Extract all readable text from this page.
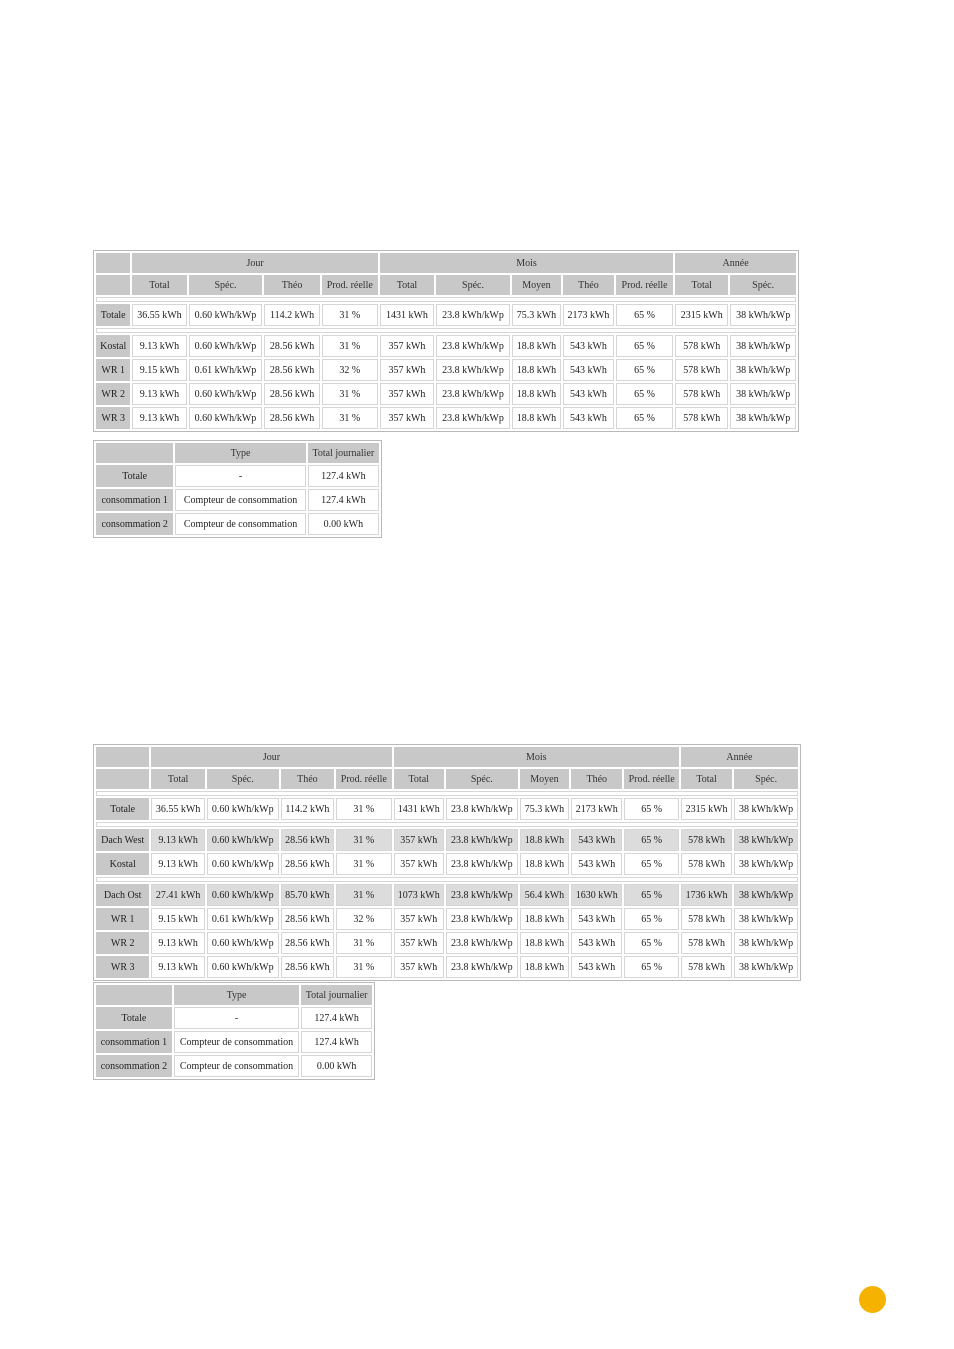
	Jour				Mois					Année	
	Total	Spéc.	Théo	Prod. réelle	Total	Spéc.	Moyen	Théo	Prod. réelle	Total	Spéc.

Totale	36.55 kWh	0.60 kWh/kWp	114.2 kWh	31 %	1431 kWh	23.8 kWh/kWp	75.3 kWh	2173 kWh	65 %	2315 kWh	38 kWh/kWp

Kostal	9.13 kWh	0.60 kWh/kWp	28.56 kWh	31 %	357 kWh	23.8 kWh/kWp	18.8 kWh	543 kWh	65 %	578 kWh	38 kWh/kWp
WR 1	9.15 kWh	0.61 kWh/kWp	28.56 kWh	32 %	357 kWh	23.8 kWh/kWp	18.8 kWh	543 kWh	65 %	578 kWh	38 kWh/kWp
WR 2	9.13 kWh	0.60 kWh/kWp	28.56 kWh	31 %	357 kWh	23.8 kWh/kWp	18.8 kWh	543 kWh	65 %	578 kWh	38 kWh/kWp
WR 3	9.13 kWh	0.60 kWh/kWp	28.56 kWh	31 %	357 kWh	23.8 kWh/kWp	18.8 kWh	543 kWh	65 %	578 kWh	38 kWh/kWp
	Type	Total journalier
Totale	-	127.4 kWh
consommation 1	Compteur de consommation	127.4 kWh
consommation 2	Compteur de consommation	0.00 kWh
	Jour				Mois					Année	
	Total	Spéc.	Théo	Prod. réelle	Total	Spéc.	Moyen	Théo	Prod. réelle	Total	Spéc.

Totale	36.55 kWh	0.60 kWh/kWp	114.2 kWh	31 %	1431 kWh	23.8 kWh/kWp	75.3 kWh	2173 kWh	65 %	2315 kWh	38 kWh/kWp

Dach West	9.13 kWh	0.60 kWh/kWp	28.56 kWh	31 %	357 kWh	23.8 kWh/kWp	18.8 kWh	543 kWh	65 %	578 kWh	38 kWh/kWp
Kostal	9.13 kWh	0.60 kWh/kWp	28.56 kWh	31 %	357 kWh	23.8 kWh/kWp	18.8 kWh	543 kWh	65 %	578 kWh	38 kWh/kWp

Dach Ost	27.41 kWh	0.60 kWh/kWp	85.70 kWh	31 %	1073 kWh	23.8 kWh/kWp	56.4 kWh	1630 kWh	65 %	1736 kWh	38 kWh/kWp
WR 1	9.15 kWh	0.61 kWh/kWp	28.56 kWh	32 %	357 kWh	23.8 kWh/kWp	18.8 kWh	543 kWh	65 %	578 kWh	38 kWh/kWp
WR 2	9.13 kWh	0.60 kWh/kWp	28.56 kWh	31 %	357 kWh	23.8 kWh/kWp	18.8 kWh	543 kWh	65 %	578 kWh	38 kWh/kWp
WR 3	9.13 kWh	0.60 kWh/kWp	28.56 kWh	31 %	357 kWh	23.8 kWh/kWp	18.8 kWh	543 kWh	65 %	578 kWh	38 kWh/kWp
	Type	Total journalier
Totale	-	127.4 kWh
consommation 1	Compteur de consommation	127.4 kWh
consommation 2	Compteur de consommation	0.00 kWh
